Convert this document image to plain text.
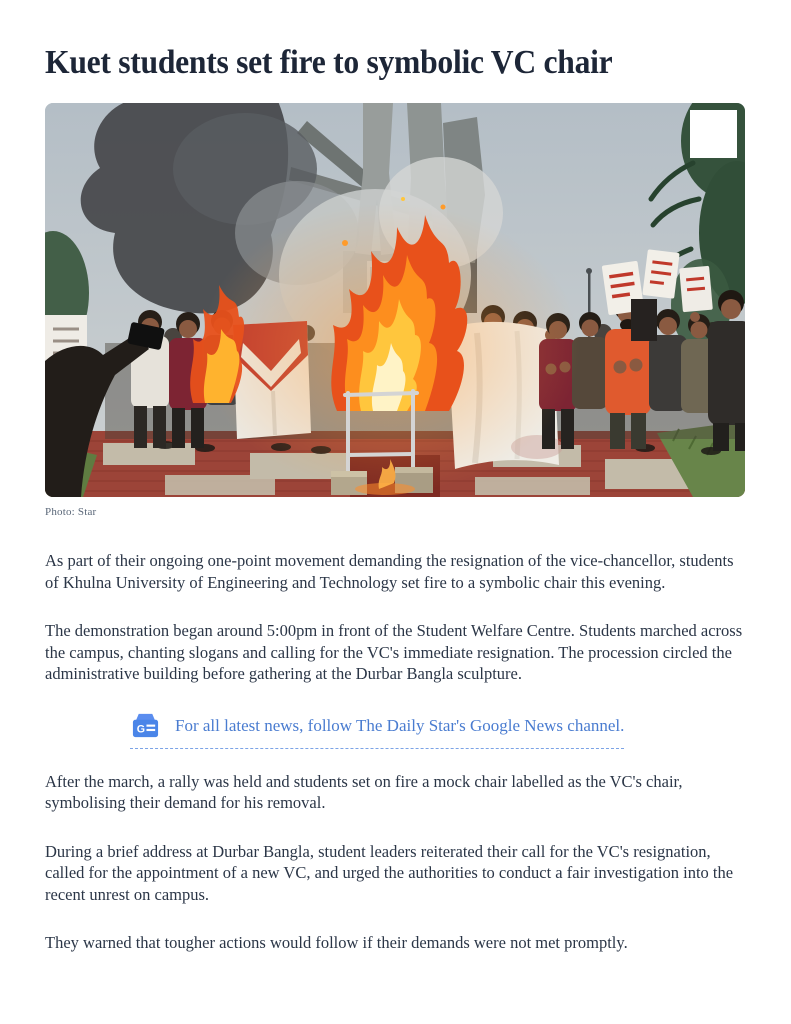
Kuet students set fire to symbolic VC chair
Photo: Star

As part of their ongoing one-point movement demanding the resignation of the vice-chancellor, students of Khulna University of Engineering and Technology set fire to a symbolic chair this evening.

The demonstration began around 5:00pm in front of the Student Welfare Centre. Students marched across the campus, chanting slogans and calling for the VC's immediate resignation. The procession circled the administrative building before gathering at the Durbar Bangla sculpture.

G For all latest news, follow The Daily Star's Google News channel.

After the march, a rally was held and students set on fire a mock chair labelled as the VC's chair, symbolising their demand for his removal.

During a brief address at Durbar Bangla, student leaders reiterated their call for the VC's resignation, called for the appointment of a new VC, and urged the authorities to conduct a fair investigation into the recent unrest on campus.

They warned that tougher actions would follow if their demands were not met promptly.
